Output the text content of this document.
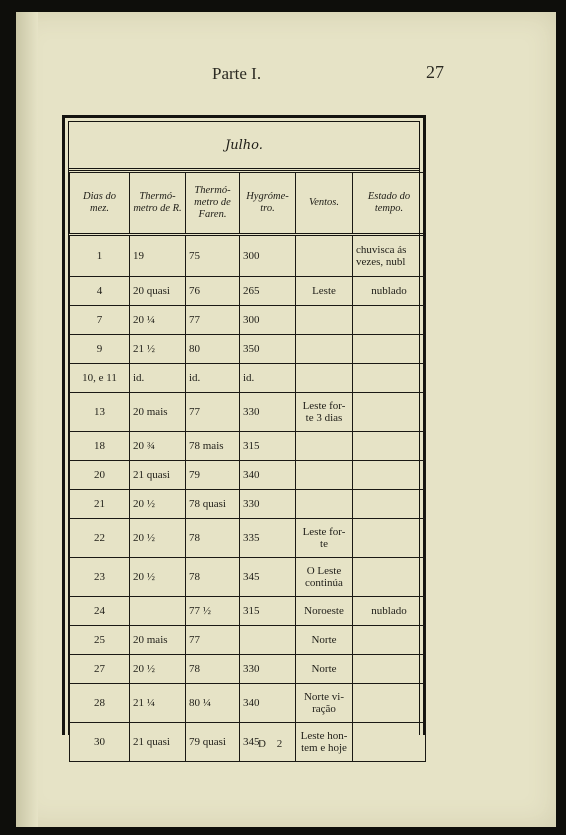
Parte I.	27
Julho.
Dias do mez.	Thermó-metro de R.	Thermó-metro de Faren.	Hygróme-tro.	Ventos.	Estado do tempo.
1	19	75	300		chuvisca ás vezes, nubl
4	20 quasi	76	265	Leste	nublado
7	20 ¼	77	300		
9	21 ½	80	350		
10, e 11	id.	id.	id.		
13	20 mais	77	330	Leste for-te 3 dias	
18	20 ¾	78 mais	315		
20	21 quasi	79	340		
21	20 ½	78 quasi	330		
22	20 ½	78	335	Leste for-te	
23	20 ½	78	345	O Leste continúa	
24		77 ½	315	Noroeste	nublado
25	20 mais	77		Norte	
27	20 ½	78	330	Norte	
28	21 ¼	80 ¼	340	Norte vi-ração	
30	21 quasi	79 quasi	345	Leste hon-tem e hoje	
D 2
